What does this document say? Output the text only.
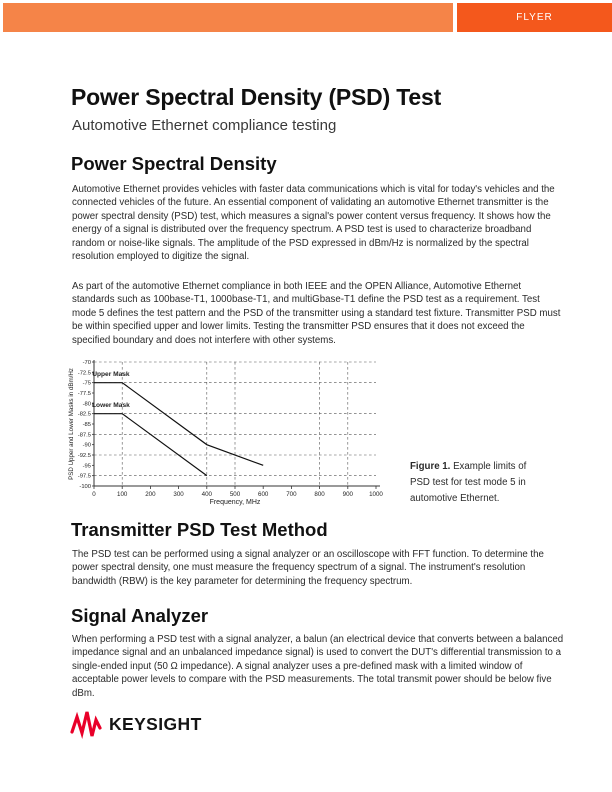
FLYER
Power Spectral Density (PSD) Test
Automotive Ethernet compliance testing
Power Spectral Density

Automotive Ethernet provides vehicles with faster data communications which is vital for today's vehicles and the connected vehicles of the future. An essential component of validating an automotive Ethernet transmitter is the power spectral density (PSD) test, which measures a signal's power content versus frequency. It shows how the energy of a signal is distributed over the frequency spectrum. A PSD test is used to characterize broadband random or noise-like signals. The amplitude of the PSD expressed in dBm/Hz is normalized by the spectral resolution employed to digitize the signal.

As part of the automotive Ethernet compliance in both IEEE and the OPEN Alliance, Automotive Ethernet standards such as 100base-T1, 1000base-T1, and multiGbase-T1 define the PSD test as a requirement. Test mode 5 defines the test pattern and the PSD of the transmitter using a standard test fixture. Transmitter PSD must be within specified upper and lower limits. Testing the transmitter PSD ensures that it does not exceed the specified boundary and does not interfere with other systems.

0	100	200	300	400	500	600	700	800	900	1000
-70
-72.5
-75
-77.5
-80
-82.5
-85
-87.5
-90
-92.5
-95
-97.5
-100
Frequency, MHz
PSD Upper and Lower Masks in dBm/Hz	Upper Mask
Lower Mask
Figure 1. Example limits of PSD test for test mode 5 in automotive Ethernet.
Transmitter PSD Test Method

The PSD test can be performed using a signal analyzer or an oscilloscope with FFT function. To determine the power spectral density, one must measure the frequency spectrum of a signal. The instrument's resolution bandwidth (RBW) is the key parameter for determining the frequency spectrum.

Signal Analyzer

When performing a PSD test with a signal analyzer, a balun (an electrical device that converts between a balanced impedance signal and an unbalanced impedance signal) is used to convert the DUT's differential transmission to a single-ended input (50 Ω impedance). A signal analyzer uses a pre-defined mask with a limited window of acceptable power levels to compare with the PSD measurements. The total transmit power should be below five dBm.

KEYSIGHT
